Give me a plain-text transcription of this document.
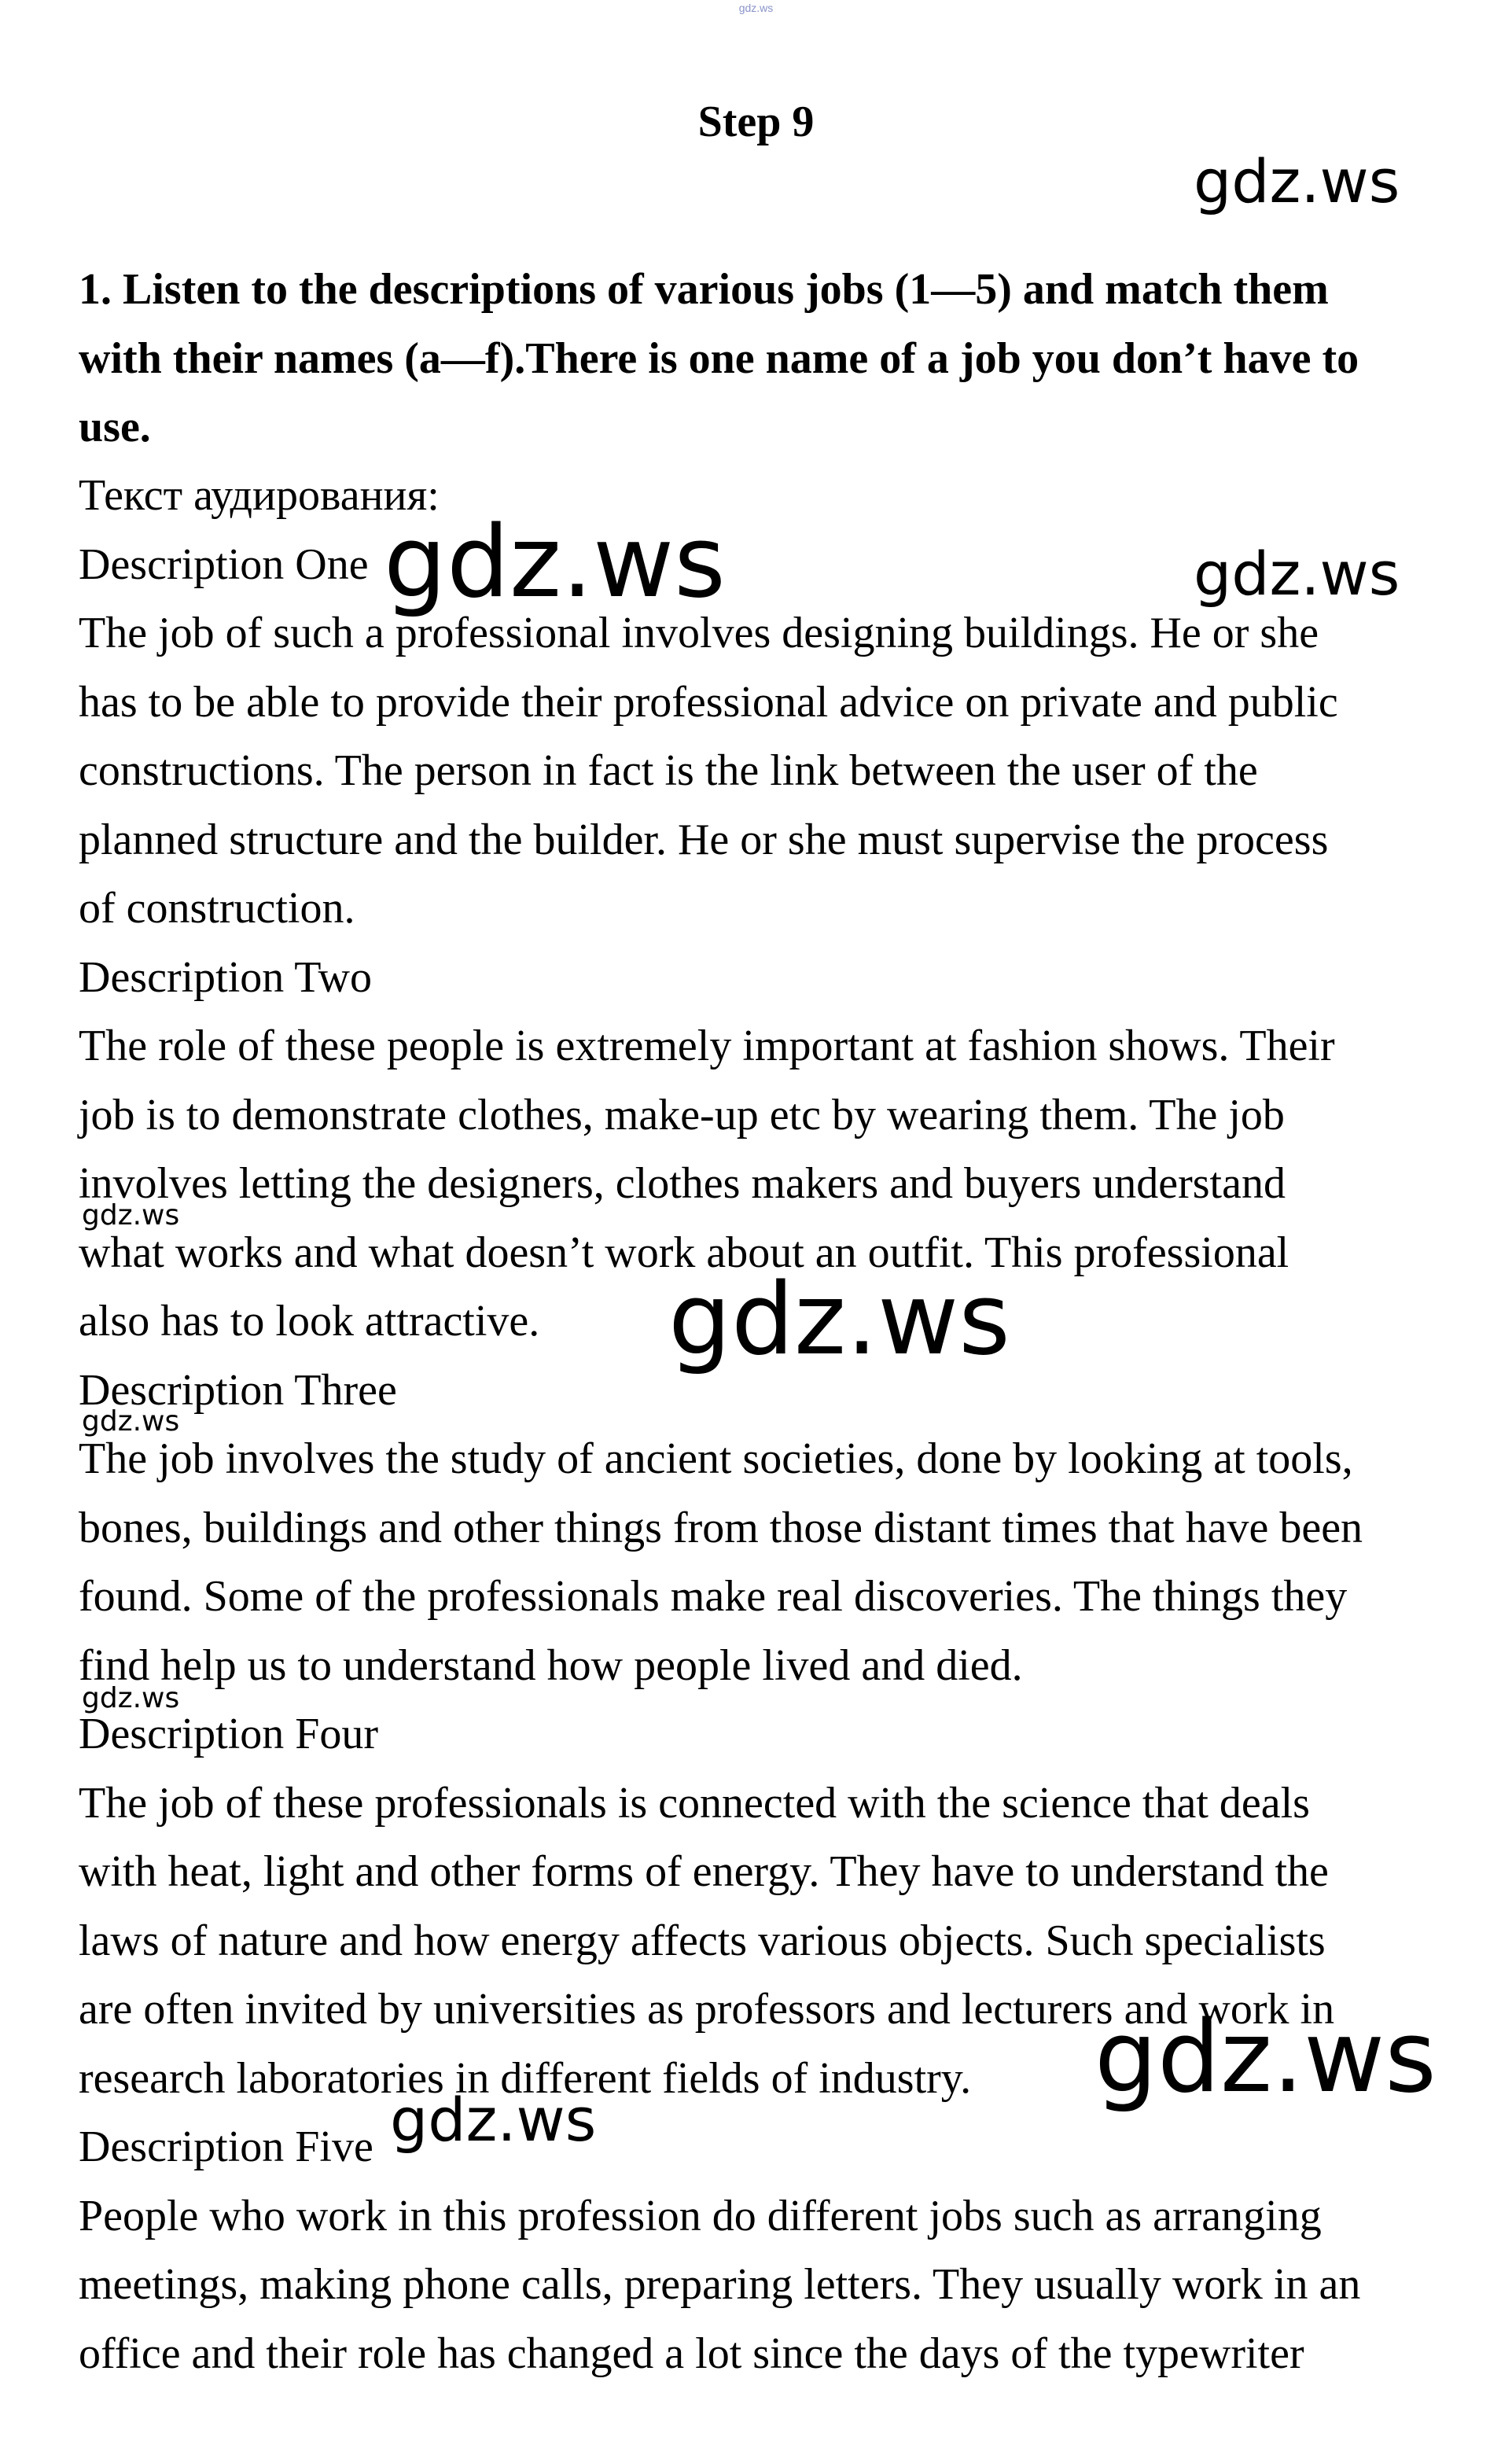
gdz.ws
Step 9
1. Listen to the descriptions of various jobs (1—5) and match them
with their names (a—f).There is one name of a job you don’t have to
use.
Текст аудирования:
Description One
The job of such a professional involves designing buildings. He or she
has to be able to provide their professional advice on private and public
constructions. The person in fact is the link between the user of the
planned structure and the builder. He or she must supervise the process
of construction.
Description Two
The role of these people is extremely important at fashion shows. Their
job is to demonstrate clothes, make-up etc by wearing them. The job
involves letting the designers, clothes makers and buyers understand
what works and what doesn’t work about an outfit. This professional
also has to look attractive.
Description Three
The job involves the study of ancient societies, done by looking at tools,
bones, buildings and other things from those distant times that have been
found. Some of the professionals make real discoveries. The things they
find help us to understand how people lived and died.
Description Four
The job of these professionals is connected with the science that deals
with heat, light and other forms of energy. They have to understand the
laws of nature and how energy affects various objects. Such specialists
are often invited by universities as professors and lecturers and work in
research laboratories in different fields of industry.
Description Five
People who work in this profession do different jobs such as arranging
meetings, making phone calls, preparing letters. They usually work in an
office and their role has changed a lot since the days of the typewriter
gdz.ws
gdz.ws	gdz.ws
gdz.ws
gdz.ws
gdz.ws
gdz.ws
gdz.ws
gdz.ws
